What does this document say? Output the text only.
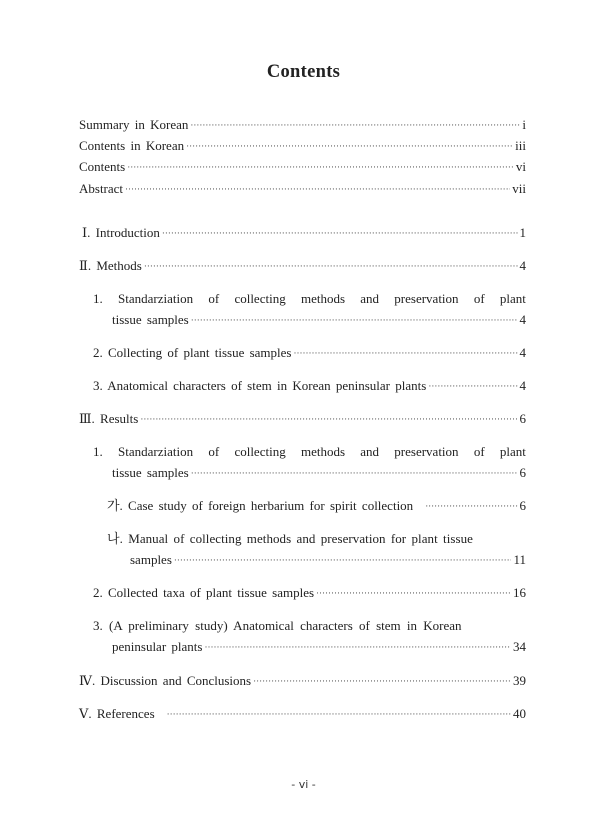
Contents
Summary in Korean ·····	i
Contents in Korean ·····	iii
Contents ·····	vi
Abstract ·····	vii
Ⅰ. Introduction ·····	1
Ⅱ. Methods ·····	4
1. Standarziation of collecting methods and preservation of plant
tissue samples ·····	4
2. Collecting of plant tissue samples ·····	4
3. Anatomical characters of stem in Korean peninsular plants ·····	4
Ⅲ. Results ·····	6
1. Standarziation of collecting methods and preservation of plant
tissue samples ·····	6
가. Case study of foreign herbarium for spirit collection ·····	6
나. Manual of collecting methods and preservation for plant tissue
samples ·····	11
2. Collected taxa of plant tissue samples ·····	16
3. (A preliminary study) Anatomical characters of stem in Korean
peninsular plants ·····	34
Ⅳ. Discussion and Conclusions ·····	39
Ⅴ. References ·····	40
- vi -
